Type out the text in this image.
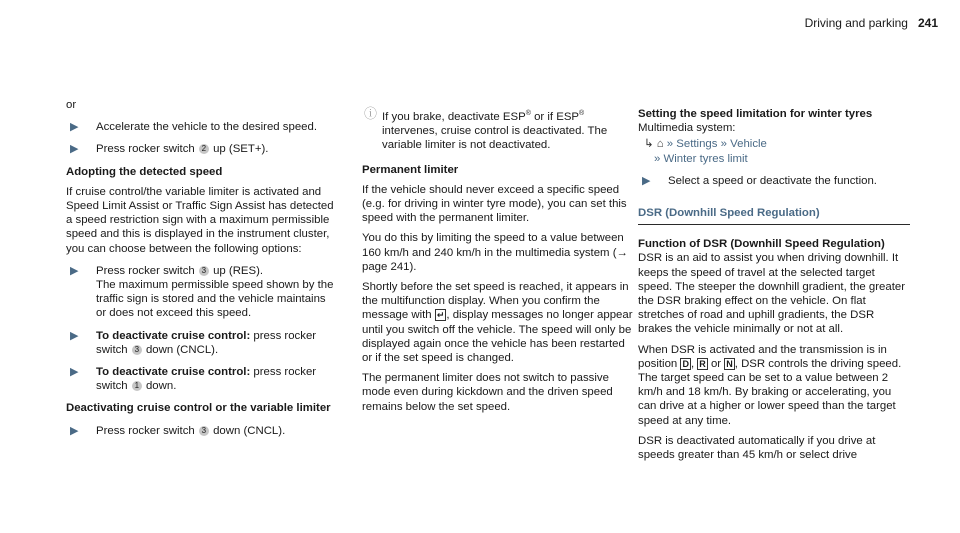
Driving and parking 241

or

▶	Accelerate the vehicle to the desired speed.
▶	Press rocker switch 2 up (SET+).

Adopting the detected speed

If cruise control/the variable limiter is activated and Speed Limit Assist or Traffic Sign Assist has detected a speed restriction sign with a maximum permissible speed and this is displayed in the instrument cluster, you can choose between the following options:

▶	Press rocker switch 3 up (RES).
The maximum permissible speed shown by the traffic sign is stored and the vehicle maintains or does not exceed this speed.
▶	To deactivate cruise control: press rocker switch 3 down (CNCL).
▶	To deactivate cruise control: press rocker switch 1 down.

Deactivating cruise control or the variable limiter

▶	Press rocker switch 3 down (CNCL).
ⓘ If you brake, deactivate ESP® or if ESP® intervenes, cruise control is deactivated. The variable limiter is not deactivated.

Permanent limiter

If the vehicle should never exceed a specific speed (e.g. for driving in winter tyre mode), you can set this speed with the permanent limiter.

You do this by limiting the speed to a value between 160 km/h and 240 km/h in the multimedia system (→ page 241).

Shortly before the set speed is reached, it appears in the multifunction display. When you confirm the message with ↵ , display messages no longer appear until you switch off the vehicle. The speed will only be displayed again once the vehicle has been restarted or if the set speed is changed.

The permanent limiter does not switch to passive mode even during kickdown and the driven speed remains below the set speed.

Setting the speed limitation for winter tyres

Multimedia system:

↳ ⌂ » Settings » Vehicle
» Winter tyres limit
▶	Select a speed or deactivate the function.
DSR (Downhill Speed Regulation)

Function of DSR (Downhill Speed Regulation)

DSR is an aid to assist you when driving downhill. It keeps the speed of travel at the selected target speed. The steeper the downhill gradient, the greater the DSR braking effect on the vehicle. On flat stretches of road and uphill gradients, the DSR brakes the vehicle minimally or not at all.

When DSR is activated and the transmission is in position D , R or N , DSR controls the driving speed. The target speed can be set to a value between 2 km/h and 18 km/h. By braking or accelerating, you can drive at a higher or lower speed than the target speed at any time.

DSR is deactivated automatically if you drive at speeds greater than 45 km/h or select drive
